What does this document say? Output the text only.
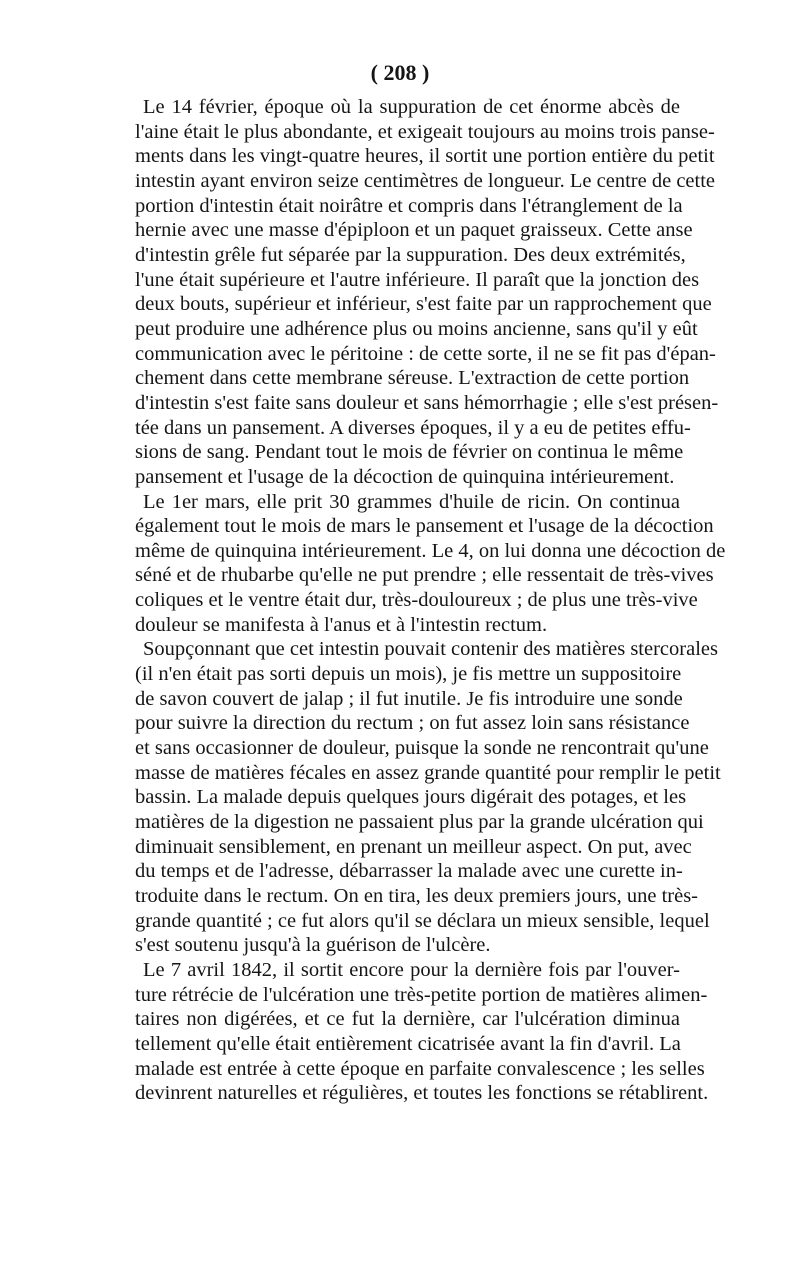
( 208 )
Le 14 février, époque où la suppuration de cet énorme abcès de
l'aine était le plus abondante, et exigeait toujours au moins trois panse-
ments dans les vingt-quatre heures, il sortit une portion entière du petit
intestin ayant environ seize centimètres de longueur. Le centre de cette
portion d'intestin était noirâtre et compris dans l'étranglement de la
hernie avec une masse d'épiploon et un paquet graisseux. Cette anse
d'intestin grêle fut séparée par la suppuration. Des deux extrémités,
l'une était supérieure et l'autre inférieure. Il paraît que la jonction des
deux bouts, supérieur et inférieur, s'est faite par un rapprochement que
peut produire une adhérence plus ou moins ancienne, sans qu'il y eût
communication avec le péritoine : de cette sorte, il ne se fit pas d'épan-
chement dans cette membrane séreuse. L'extraction de cette portion
d'intestin s'est faite sans douleur et sans hémorrhagie ; elle s'est présen-
tée dans un pansement. A diverses époques, il y a eu de petites effu-
sions de sang. Pendant tout le mois de février on continua le même
pansement et l'usage de la décoction de quinquina intérieurement.
Le 1er mars, elle prit 30 grammes d'huile de ricin. On continua
également tout le mois de mars le pansement et l'usage de la décoction
même de quinquina intérieurement. Le 4, on lui donna une décoction de
séné et de rhubarbe qu'elle ne put prendre ; elle ressentait de très-vives
coliques et le ventre était dur, très-douloureux ; de plus une très-vive
douleur se manifesta à l'anus et à l'intestin rectum.
Soupçonnant que cet intestin pouvait contenir des matières stercorales
(il n'en était pas sorti depuis un mois), je fis mettre un suppositoire
de savon couvert de jalap ; il fut inutile. Je fis introduire une sonde
pour suivre la direction du rectum ; on fut assez loin sans résistance
et sans occasionner de douleur, puisque la sonde ne rencontrait qu'une
masse de matières fécales en assez grande quantité pour remplir le petit
bassin. La malade depuis quelques jours digérait des potages, et les
matières de la digestion ne passaient plus par la grande ulcération qui
diminuait sensiblement, en prenant un meilleur aspect. On put, avec
du temps et de l'adresse, débarrasser la malade avec une curette in-
troduite dans le rectum. On en tira, les deux premiers jours, une très-
grande quantité ; ce fut alors qu'il se déclara un mieux sensible, lequel
s'est soutenu jusqu'à la guérison de l'ulcère.
Le 7 avril 1842, il sortit encore pour la dernière fois par l'ouver-
ture rétrécie de l'ulcération une très-petite portion de matières alimen-
taires non digérées, et ce fut la dernière, car l'ulcération diminua
tellement qu'elle était entièrement cicatrisée avant la fin d'avril. La
malade est entrée à cette époque en parfaite convalescence ; les selles
devinrent naturelles et régulières, et toutes les fonctions se rétablirent.
